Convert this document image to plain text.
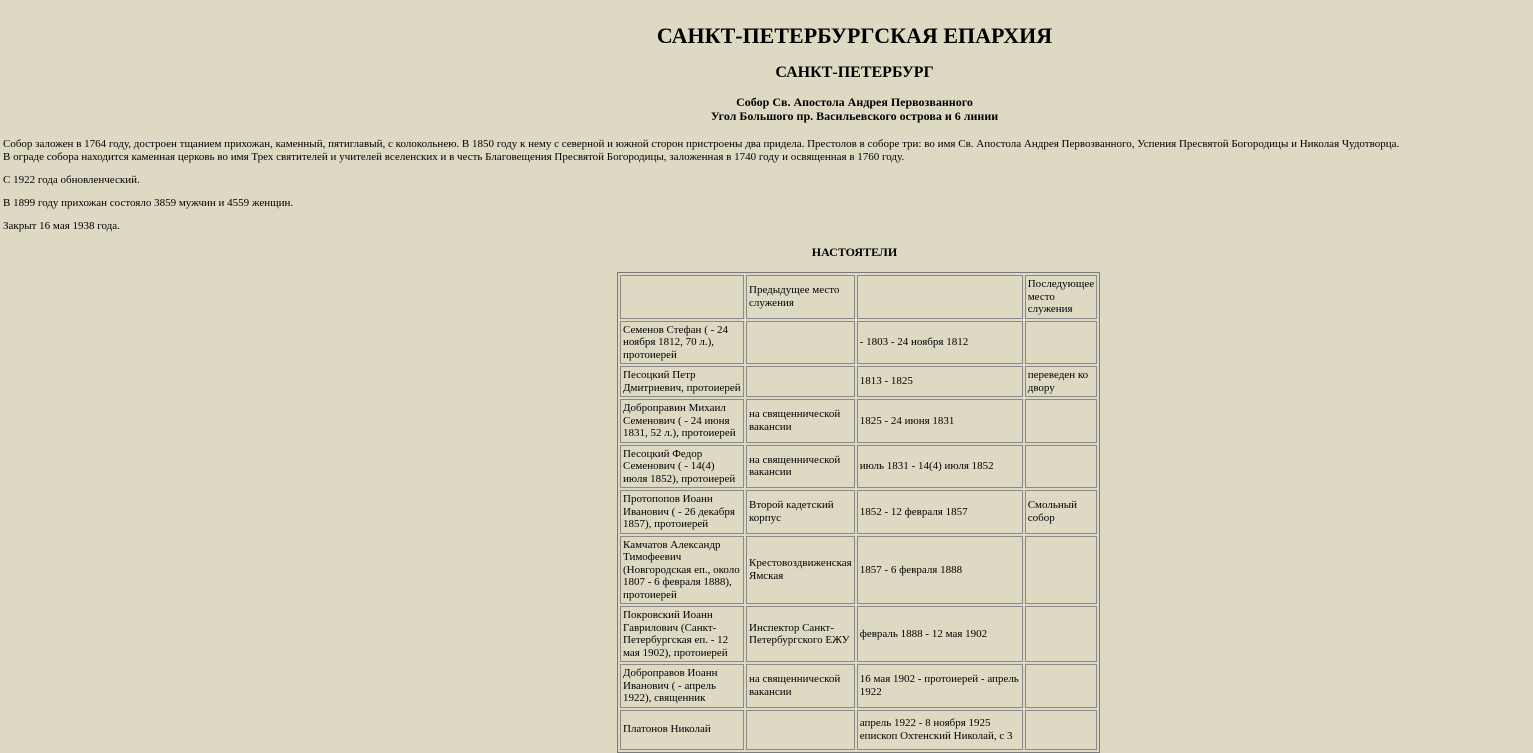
САНКТ-ПЕТЕРБУРГСКАЯ ЕПАРХИЯ
САНКТ-ПЕТЕРБУРГ
Собор Св. Апостола Андрея Первозванного
Угол Большого пр. Васильевского острова и 6 линии
Собор заложен в 1764 году, достроен тщанием прихожан, каменный, пятиглавый, с колокольнею. В 1850 году к нему с северной и южной сторон пристроены два придела. Престолов в соборе три: во имя Св. Апостола Андрея Первозванного, Успения Пресвятой Богородицы и Николая Чудотворца.
В ограде собора находится каменная церковь во имя Трех святителей и учителей вселенских и в честь Благовещения Пресвятой Богородицы, заложенная в 1740 году и освященная в 1760 году.
С 1922 года обновленческий.
В 1899 году прихожан состояло 3859 мужчин и 4559 женщин.
Закрыт 16 мая 1938 года.
НАСТОЯТЕЛИ
	Предыдущее место служения		Последующее место служения
Семенов Стефан ( - 24 ноября 1812, 70 л.), протоиерей		- 1803 - 24 ноября 1812	
Песоцкий Петр Дмитриевич, протоиерей		1813 - 1825	переведен ко двору
Доброправин Михаил Семенович ( - 24 июня 1831, 52 л.), протоиерей	на священнической вакансии	1825 - 24 июня 1831	
Песоцкий Федор Семенович ( - 14(4) июля 1852), протоиерей	на священнической вакансии	июль 1831 - 14(4) июля 1852	
Протопопов Иоанн Иванович ( - 26 декабря 1857), протоиерей	Второй кадетский корпус	1852 - 12 февраля 1857	Смольный собор
Камчатов Александр Тимофеевич (Новгородская еп., около 1807 - 6 февраля 1888), протоиерей	Крестовоздвиженская Ямская	1857 - 6 февраля 1888	
Покровский Иоанн Гаврилович (Санкт-Петербургская еп. - 12 мая 1902), протоиерей	Инспектор Санкт-Петербургского ЕЖУ	февраль 1888 - 12 мая 1902	
Доброправов Иоанн Иванович ( - апрель 1922), священник	на священнической вакансии	16 мая 1902 - протоиерей - апрель 1922	
Платонов Николай		апрель 1922 - 8 ноября 1925 епископ Охтенский Николай, с 3	
